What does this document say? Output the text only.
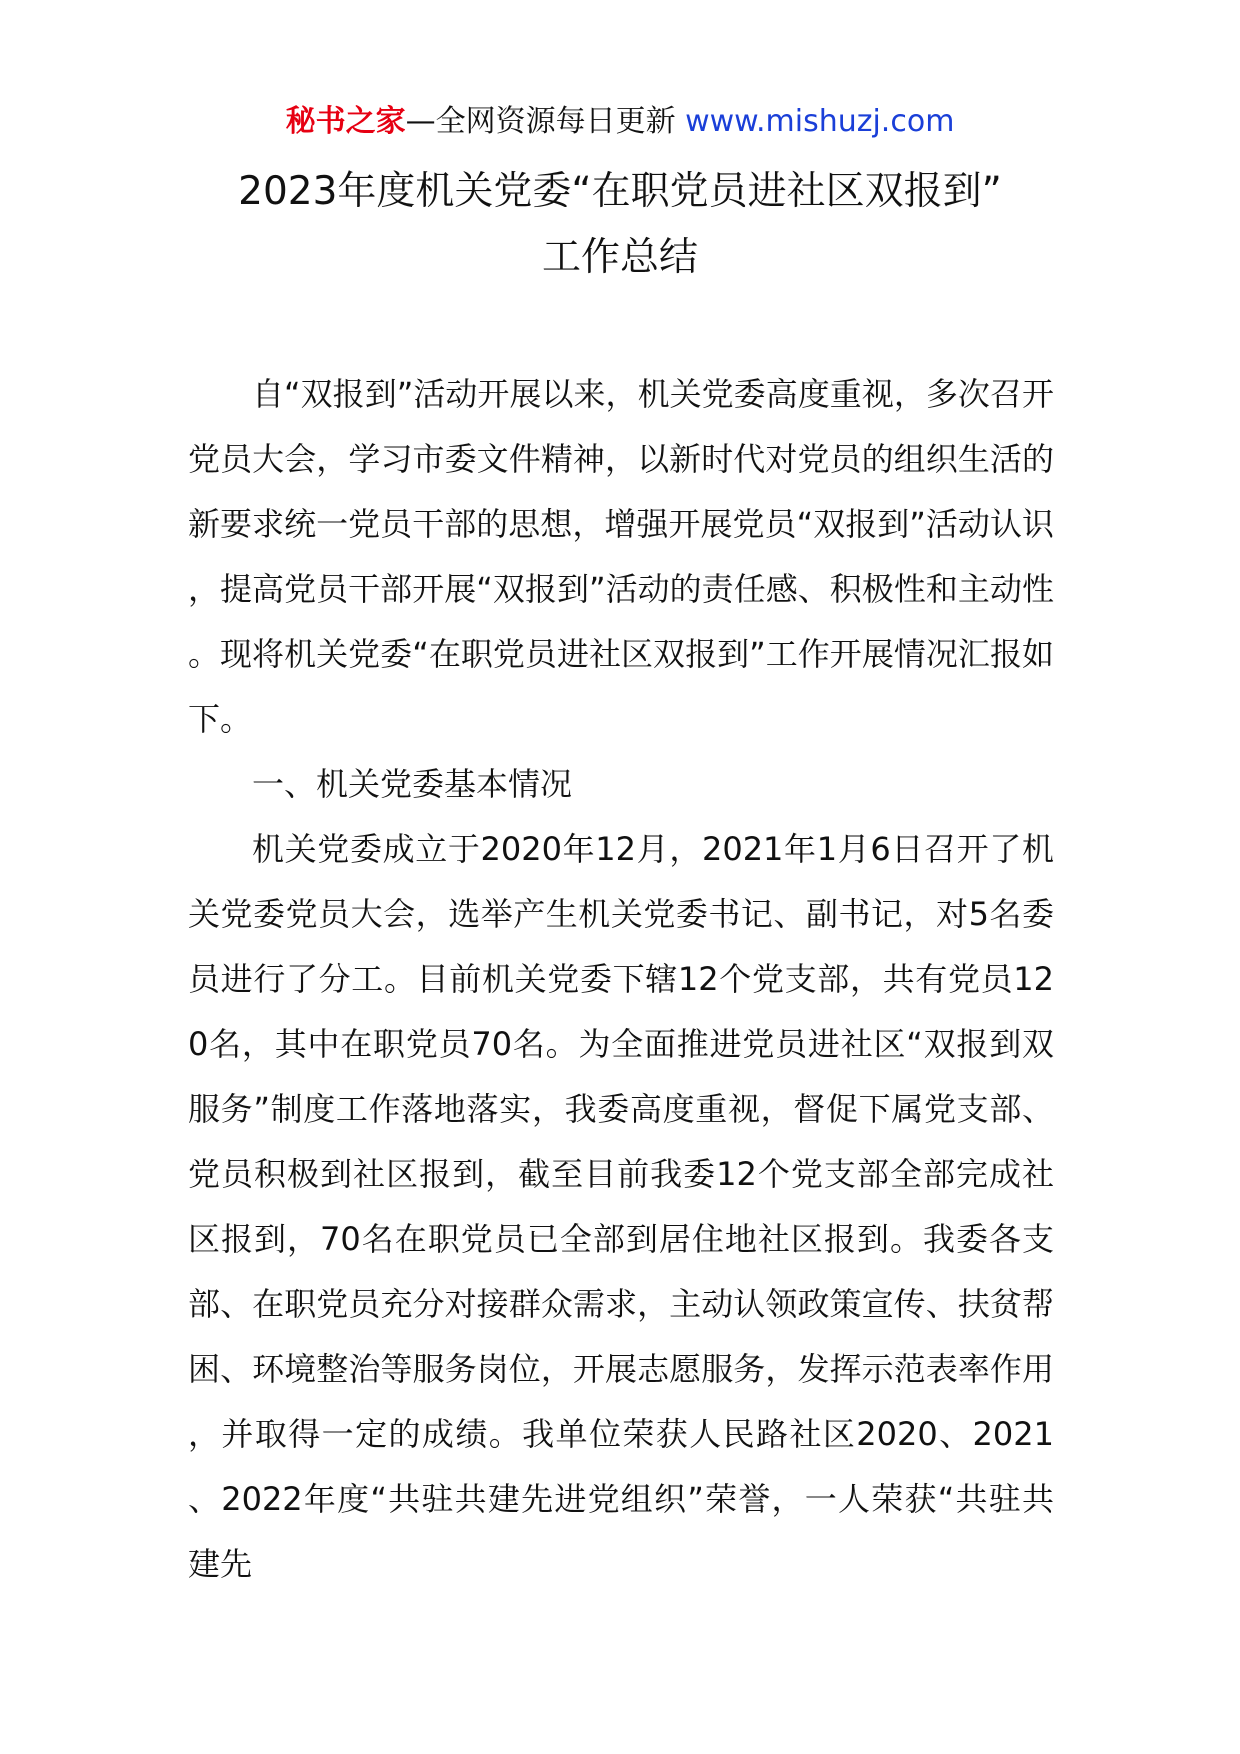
秘书之家—全网资源每日更新 www.mishuzj.com
2023年度机关党委“在职党员进社区双报到”
工作总结

自“双报到”活动开展以来，机关党委高度重视，多次召开党员大会，学习市委文件精神，以新时代对党员的组织生活的新要求统一党员干部的思想，增强开展党员“双报到”活动认识，提高党员干部开展“双报到”活动的责任感、积极性和主动性。现将机关党委“在职党员进社区双报到”工作开展情况汇报如下。

一、机关党委基本情况

机关党委成立于2020年12月，2021年1月6日召开了机关党委党员大会，选举产生机关党委书记、副书记，对5名委员进行了分工。目前机关党委下辖12个党支部，共有党员120名，其中在职党员70名。为全面推进党员进社区“双报到双服务”制度工作落地落实，我委高度重视，督促下属党支部、党员积极到社区报到，截至目前我委12个党支部全部完成社区报到，70名在职党员已全部到居住地社区报到。我委各支部、在职党员充分对接群众需求，主动认领政策宣传、扶贫帮困、环境整治等服务岗位，开展志愿服务，发挥示范表率作用，并取得一定的成绩。我单位荣获人民路社区2020、2021、2022年度“共驻共建先进党组织”荣誉，一人荣获“共驻共建先
